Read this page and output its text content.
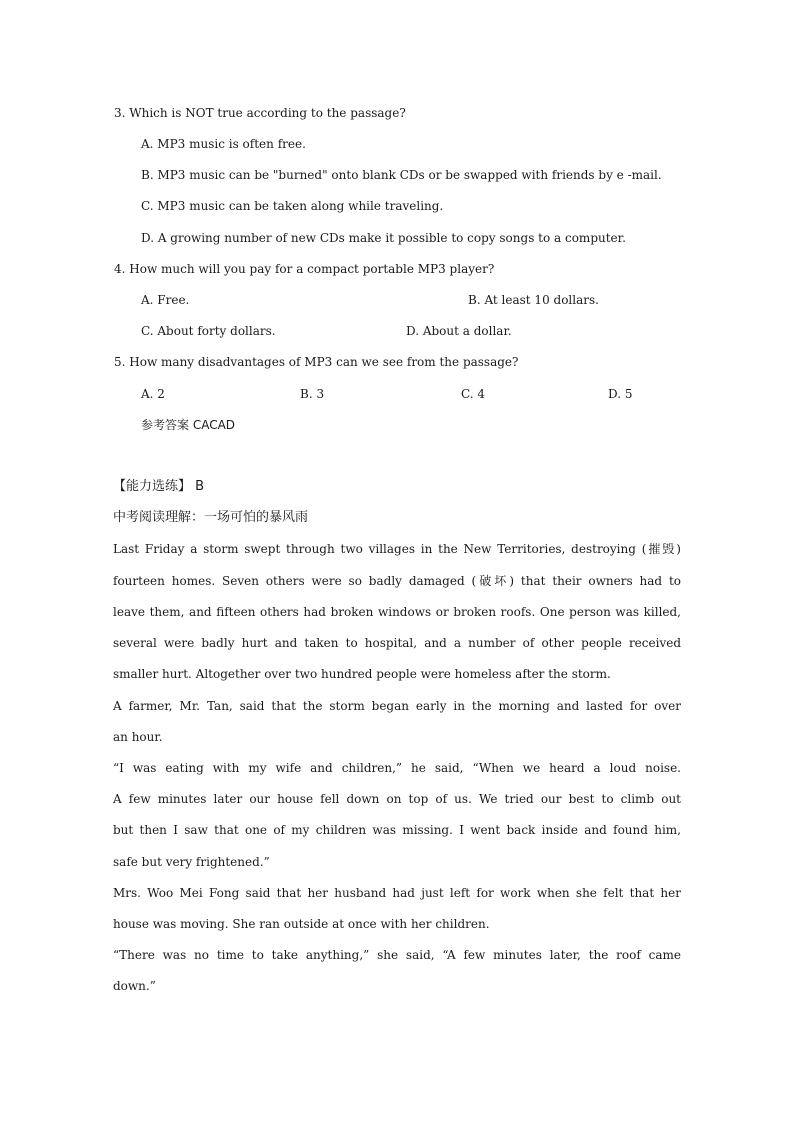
3. Which is NOT true according to the passage?
A. MP3 music is often free.
B. MP3 music can be "burned" onto blank CDs or be swapped with friends by e -mail.
C. MP3 music can be taken along while traveling.
D. A growing number of new CDs make it possible to copy songs to a computer.
4. How much will you pay for a compact portable MP3 player?
A. Free.	B. At least 10 dollars.
C. About forty dollars.	D. About a dollar.
5. How many disadvantages of MP3 can we see from the passage?
A. 2	B. 3	C. 4	D. 5
参考答案 CACAD
【能力选练】 B
中考阅读理解：一场可怕的暴风雨
Last Friday a storm swept through two villages in the New Territories, destroying (摧毁)
fourteen homes. Seven others were so badly damaged (破坏) that their owners had to
leave them, and fifteen others had broken windows or broken roofs. One person was killed,
several were badly hurt and taken to hospital, and a number of other people received
smaller hurt. Altogether over two hundred people were homeless after the storm.
A farmer, Mr. Tan, said that the storm began early in the morning and lasted for over
an hour.
“I was eating with my wife and children,” he said, “When we heard a loud noise.
A few minutes later our house fell down on top of us. We tried our best to climb out
but then I saw that one of my children was missing. I went back inside and found him,
safe but very frightened.”
Mrs. Woo Mei Fong said that her husband had just left for work when she felt that her
house was moving. She ran outside at once with her children.
“There was no time to take anything,” she said, “A few minutes later, the roof came
down.”
